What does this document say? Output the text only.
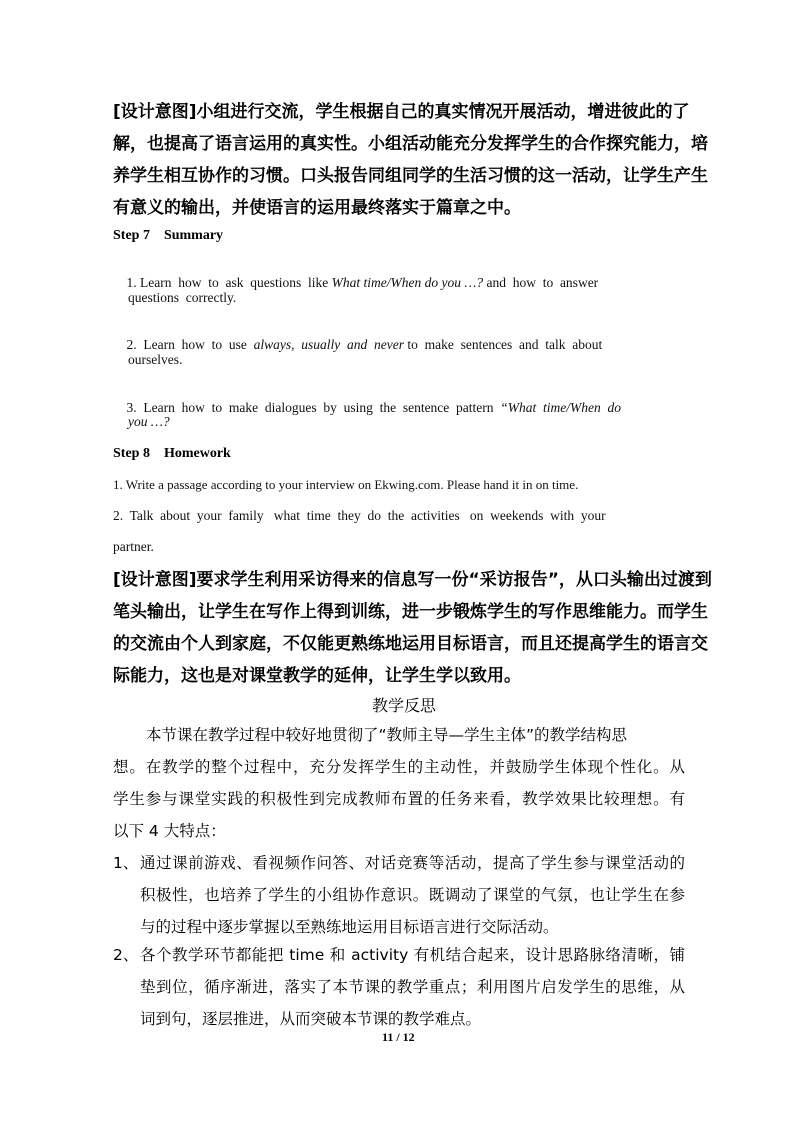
[设计意图]小组进行交流，学生根据自己的真实情况开展活动，增进彼此的了
解，也提高了语言运用的真实性。小组活动能充分发挥学生的合作探究能力，培
养学生相互协作的习惯。口头报告同组同学的生活习惯的这一活动，让学生产生
有意义的输出，并使语言的运用最终落实于篇章之中。
Step 7    Summary

1. Learn  how  to  ask  questions  like What time/When do you …? and  how  to  answer

questions  correctly.

2.  Learn  how  to  use  always,  usually  and  never to  make  sentences  and  talk  about

ourselves.

3.  Learn  how  to  make  dialogues  by  using  the  sentence  pattern  “What  time/When  do

you …?
Step 8    Homework
1. Write a passage according to your interview on Ekwing.com. Please hand it in on time.
2.  Talk  about  your  family   what  time  they  do  the  activities   on  weekends  with  your
partner.
[设计意图]要求学生利用采访得来的信息写一份“采访报告”，从口头输出过渡到
笔头输出，让学生在写作上得到训练，进一步锻炼学生的写作思维能力。而学生
的交流由个人到家庭，不仅能更熟练地运用目标语言，而且还提高学生的语言交
际能力，这也是对课堂教学的延伸，让学生学以致用。
教学反思
本节课在教学过程中较好地贯彻了“教师主导—学生主体”的教学结构思
想。在教学的整个过程中，充分发挥学生的主动性，并鼓励学生体现个性化。从
学生参与课堂实践的积极性到完成教师布置的任务来看，教学效果比较理想。有
以下 4 大特点：
1、 通过课前游戏、看视频作问答、对话竞赛等活动，提高了学生参与课堂活动的
积极性，也培养了学生的小组协作意识。既调动了课堂的气氛，也让学生在参
与的过程中逐步掌握以至熟练地运用目标语言进行交际活动。
2、 各个教学环节都能把 time 和 activity 有机结合起来，设计思路脉络清晰，铺
垫到位，循序渐进，落实了本节课的教学重点；利用图片启发学生的思维，从
词到句，逐层推进，从而突破本节课的教学难点。
11 / 12
